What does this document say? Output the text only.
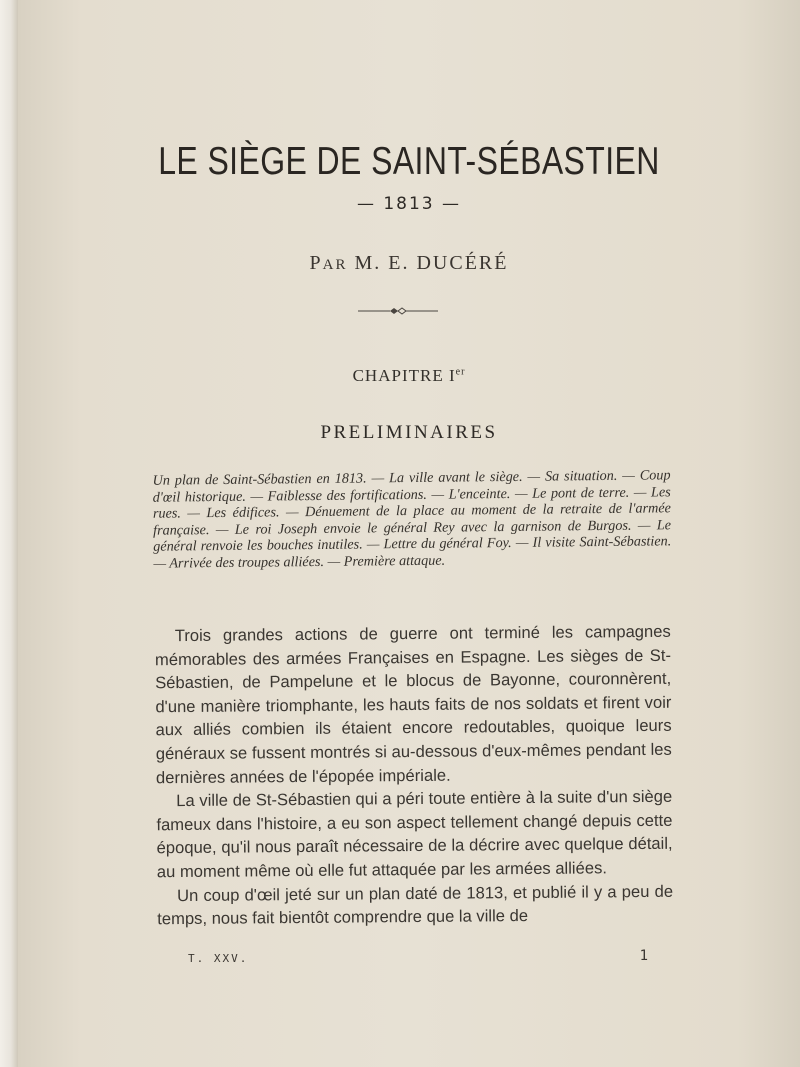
LE SIÈGE DE SAINT-SÉBASTIEN
— 1813 —
PAR M. E. DUCÉRÉ
CHAPITRE Ier
PRELIMINAIRES
Un plan de Saint-Sébastien en 1813. — La ville avant le siège. — Sa situation. — Coup d'œil historique. — Faiblesse des fortifications. — L'enceinte. — Le pont de terre. — Les rues. — Les édifices. — Dénuement de la place au moment de la retraite de l'armée française. — Le roi Joseph envoie le général Rey avec la garnison de Burgos. — Le général renvoie les bouches inutiles. — Lettre du général Foy. — Il visite Saint-Sébastien. — Arrivée des troupes alliées. — Première attaque.

Trois grandes actions de guerre ont terminé les campagnes mémorables des armées Françaises en Espagne. Les sièges de St-Sébastien, de Pampelune et le blocus de Bayonne, couronnèrent, d'une manière triomphante, les hauts faits de nos soldats et firent voir aux alliés combien ils étaient encore redoutables, quoique leurs généraux se fussent montrés si au-dessous d'eux-mêmes pendant les dernières années de l'épopée impériale.

La ville de St-Sébastien qui a péri toute entière à la suite d'un siège fameux dans l'histoire, a eu son aspect tellement changé depuis cette époque, qu'il nous paraît nécessaire de la décrire avec quelque détail, au moment même où elle fut attaquée par les armées alliées.

Un coup d'œil jeté sur un plan daté de 1813, et publié il y a peu de temps, nous fait bientôt comprendre que la ville de

T. XXV.	1
